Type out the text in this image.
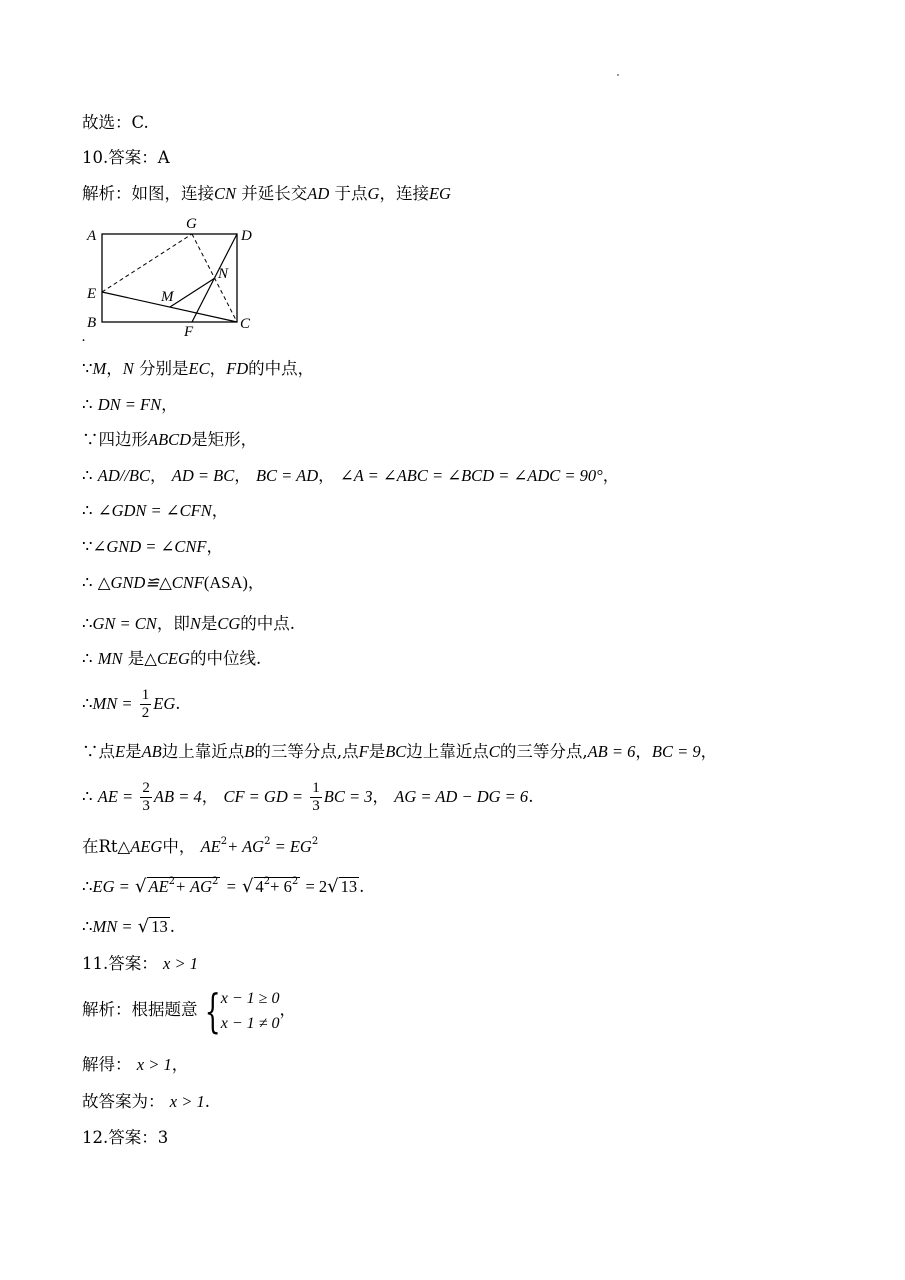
故选：C.
10.答案：A
解析：如图，连接CN 并延长交AD 于点G，连接EG
A
G
D
N
E	M
B
F	C
.
∵M，N 分别是EC，FD的中点，
∴ DN = FN，
∵四边形ABCD是矩形，
∴ AD//BC， AD = BC， BC = AD， ∠A = ∠ABC = ∠BCD = ∠ADC = 90°，
∴ ∠GDN = ∠CFN，
∵∠GND = ∠CNF，
∴ △GND≌△CNF(ASA)，
∴GN = CN，即N是CG的中点.
∴ MN 是△CEG的中位线.
∴MN = $\frac{1}{2}$ EG.
∵点E是AB边上靠近点B的三等分点,点F是BC边上靠近点C的三等分点,AB = 6，BC = 9，
∴ AE = $\frac{2}{3}$ AB = 4， CF = GD = $\frac{1}{3}$ BC = 3， AG = AD − DG = 6.
在Rt△AEG中， $AE^2+ AG^2 = EG^2$
∴EG = √ $AE^2+ AG^2$ = √ $4^2+ 6^2 = 2√$ 13 .
∴MN = √ 13 .
11.答案： x > 1
解析：根据题意 { x − 1 ≥ 0
x − 1 ≠ 0
，
解得： x > 1，
故答案为： x > 1.
12.答案：3
